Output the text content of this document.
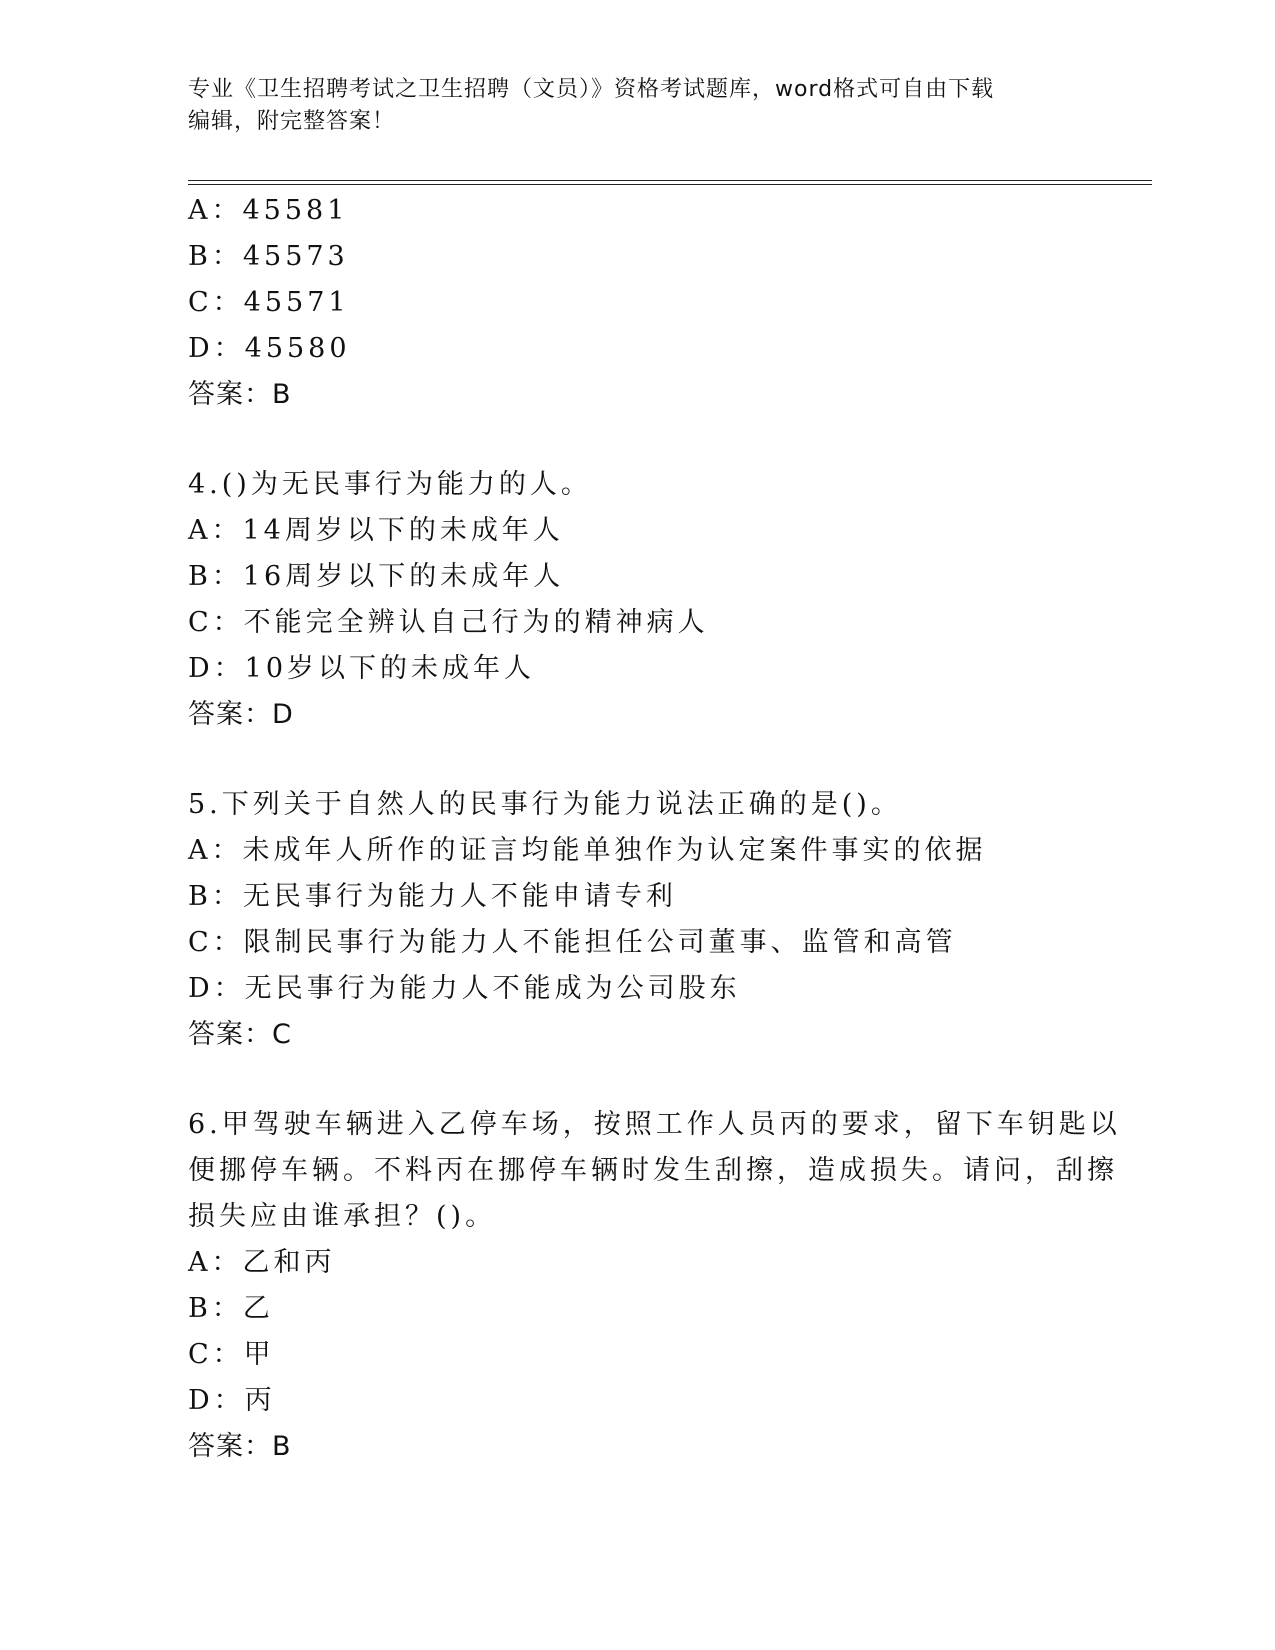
专业《卫生招聘考试之卫生招聘（文员）》资格考试题库，word格式可自由下载
编辑，附完整答案！
A：45581
B：45573
C：45571
D：45580
答案：B
4.()为无民事行为能力的人。
A：14周岁以下的未成年人
B：16周岁以下的未成年人
C：不能完全辨认自己行为的精神病人
D：10岁以下的未成年人
答案：D
5.下列关于自然人的民事行为能力说法正确的是()。
A：未成年人所作的证言均能单独作为认定案件事实的依据
B：无民事行为能力人不能申请专利
C：限制民事行为能力人不能担任公司董事、监管和高管
D：无民事行为能力人不能成为公司股东
答案：C
6.甲驾驶车辆进入乙停车场，按照工作人员丙的要求，留下车钥匙以
便挪停车辆。不料丙在挪停车辆时发生刮擦，造成损失。请问，刮擦
损失应由谁承担？()。
A：乙和丙
B：乙
C：甲
D：丙
答案：B
